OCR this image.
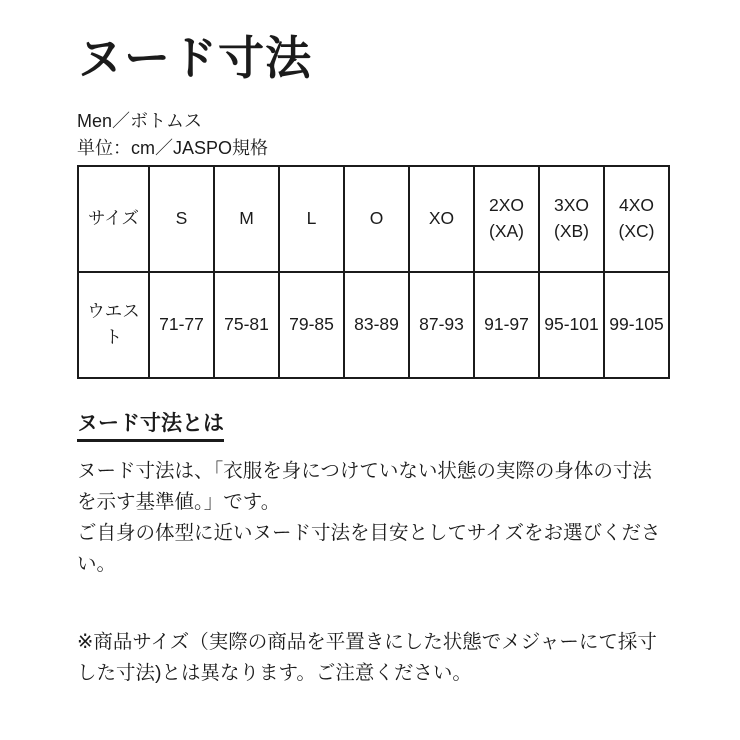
ヌード寸法
Men／ボトムス
単位：cm／JASPO規格
サイズ	S	M	L	O	XO	2XO (XA)	3XO (XB)	4XO (XC)
ウエスト	71-77	75-81	79-85	83-89	87-93	91-97	95-101	99-105
ヌード寸法とは

ヌード寸法は、「衣服を身につけていない状態の実際の身体の寸法を示す基準値。」です。
ご自身の体型に近いヌード寸法を目安としてサイズをお選びください。

※商品サイズ（実際の商品を平置きにした状態でメジャーにて採寸した寸法)とは異なります。ご注意ください。
